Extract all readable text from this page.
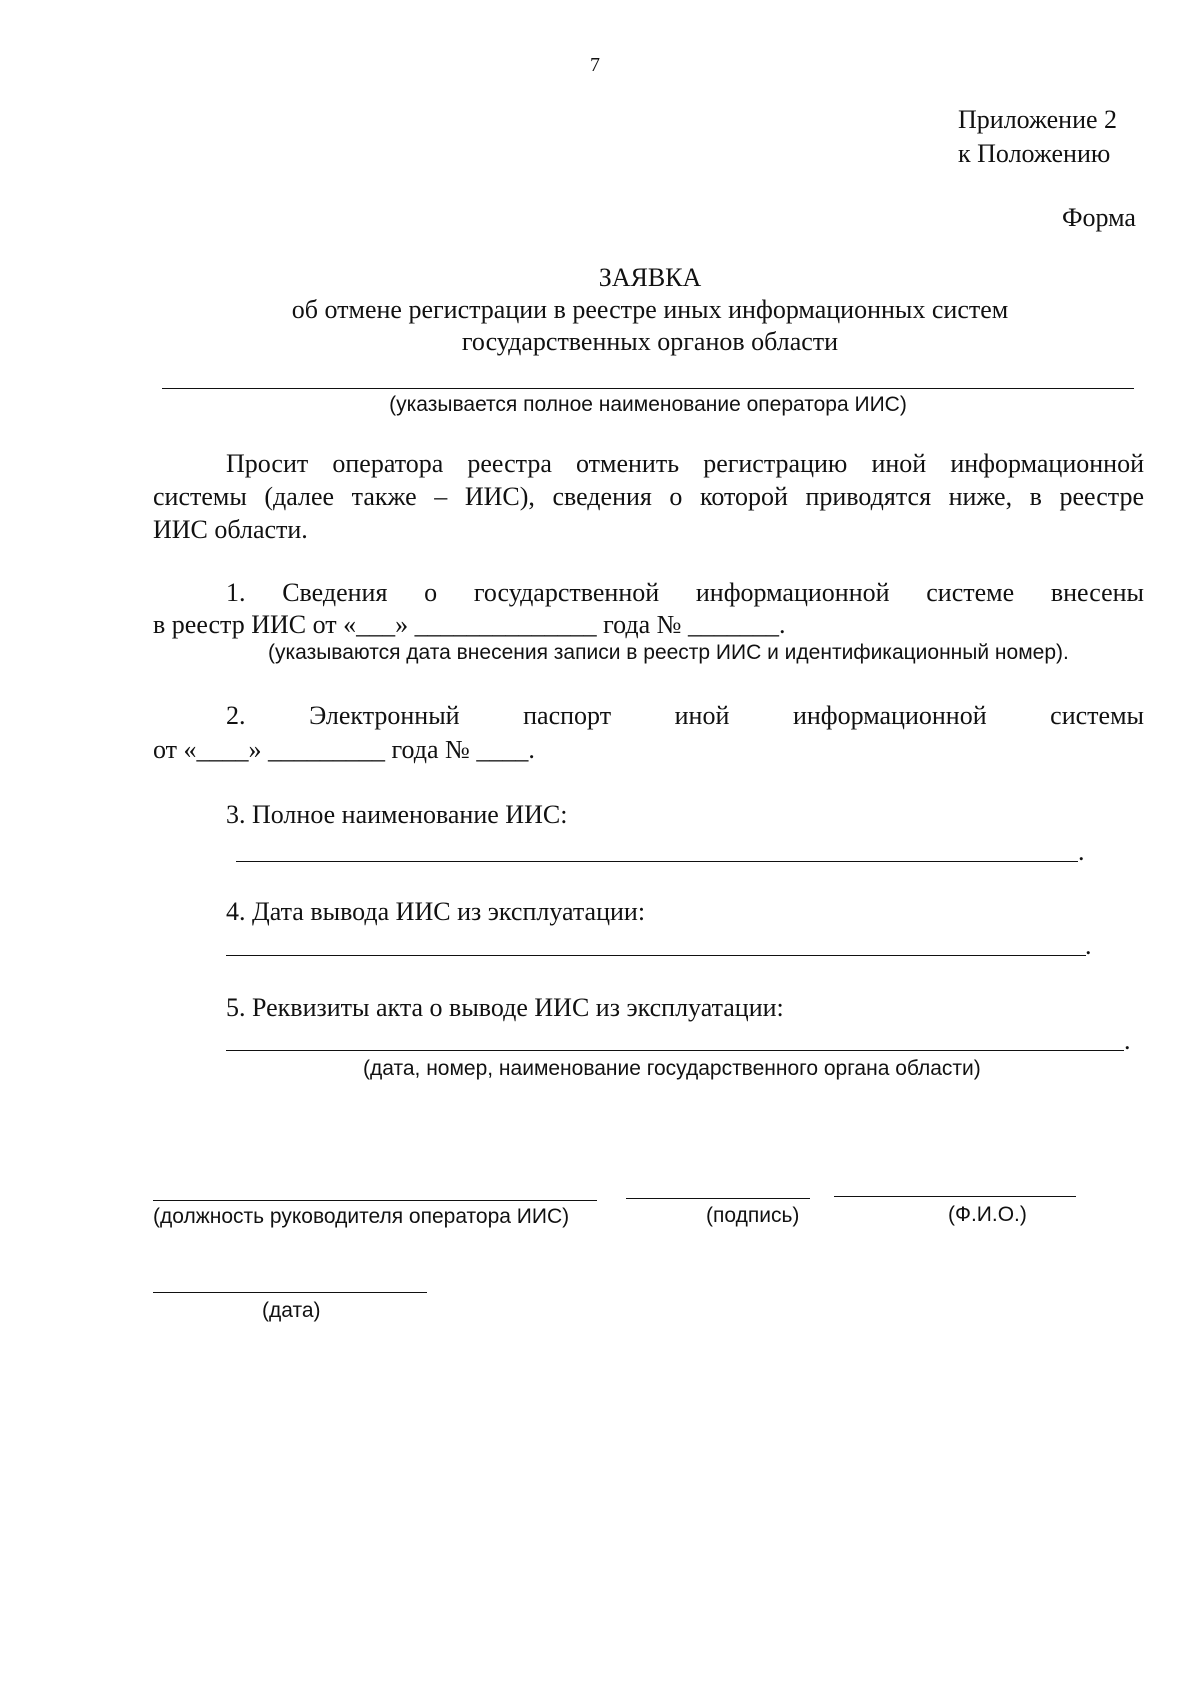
7
Приложение 2
к Положению
Форма
ЗАЯВКА
об отмене регистрации в реестре иных информационных систем
государственных органов области
(указывается полное наименование оператора ИИС)
Просит оператора реестра отменить регистрацию иной информационной
системы (далее также – ИИС), сведения о которой приводятся ниже, в реестре
ИИС области.
1. Сведения о государственной информационной системе внесены
в реестр ИИС от «___» ______________ года № _______.
(указываются дата внесения записи в реестр ИИС и идентификационный номер).
2. Электронный паспорт иной информационной системы
от «____» _________ года № ____.
3. Полное наименование ИИС:
.
4. Дата вывода ИИС из эксплуатации:
.
5. Реквизиты акта о выводе ИИС из эксплуатации:
.
(дата, номер, наименование государственного органа области)
(должность руководителя оператора ИИС)	(подпись)	(Ф.И.О.)
(дата)
